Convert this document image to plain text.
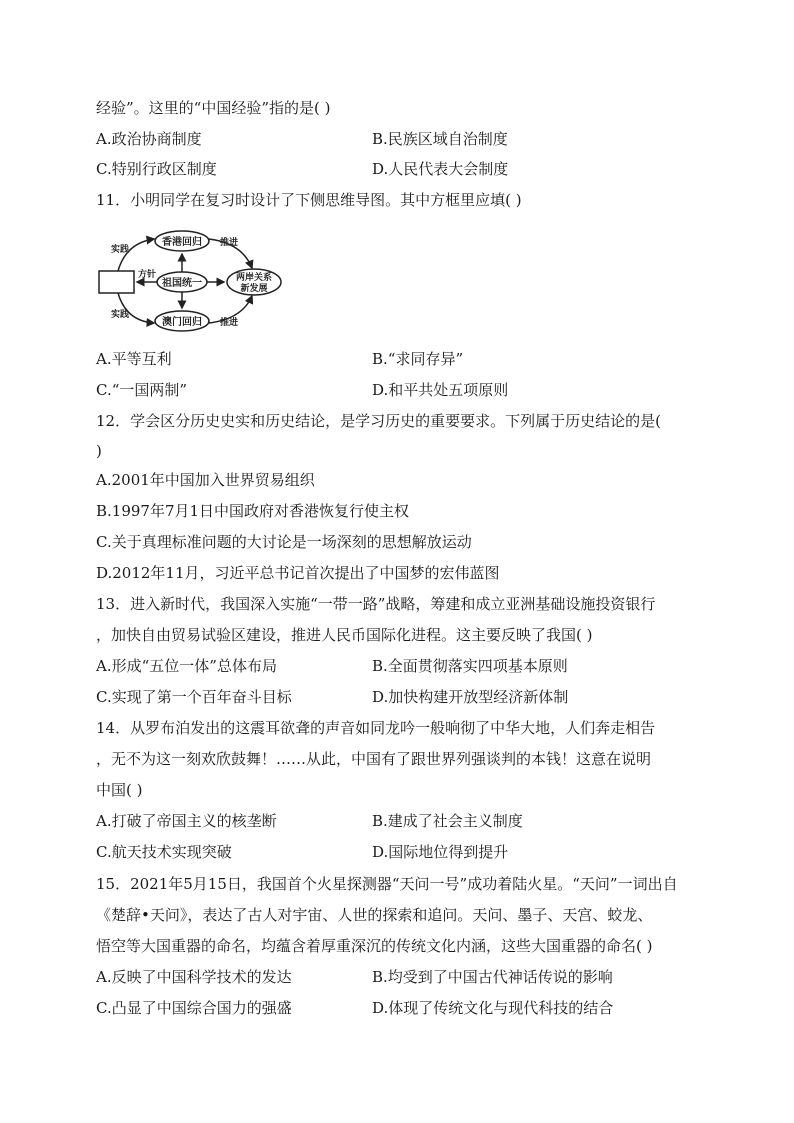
经验”。这里的“中国经验”指的是( )
A.政治协商制度	B.民族区域自治制度
C.特别行政区制度	D.人民代表大会制度
11．小明同学在复习时设计了下侧思维导图。其中方框里应填( )
香港回归
祖国统一
澳门回归
两岸关系
新发展
实践
实践
推进
推进
方针
A.平等互利	B.“求同存异”
C.“一国两制”	D.和平共处五项原则
12．学会区分历史史实和历史结论，是学习历史的重要要求。下列属于历史结论的是(
)
A.2001年中国加入世界贸易组织
B.1997年7月1日中国政府对香港恢复行使主权
C.关于真理标准问题的大讨论是一场深刻的思想解放运动
D.2012年11月，习近平总书记首次提出了中国梦的宏伟蓝图
13．进入新时代，我国深入实施“一带一路”战略，筹建和成立亚洲基础设施投资银行
，加快自由贸易试验区建设，推进人民币国际化进程。这主要反映了我国( )
A.形成“五位一体”总体布局	B.全面贯彻落实四项基本原则
C.实现了第一个百年奋斗目标	D.加快构建开放型经济新体制
14．从罗布泊发出的这震耳欲聋的声音如同龙吟一般响彻了中华大地，人们奔走相告
，无不为这一刻欢欣鼓舞！……从此，中国有了跟世界列强谈判的本钱！这意在说明
中国( )
A.打破了帝国主义的核垄断	B.建成了社会主义制度
C.航天技术实现突破	D.国际地位得到提升
15．2021年5月15日，我国首个火星探测器“天问一号”成功着陆火星。“天问”一词出自
《楚辞•天问》，表达了古人对宇宙、人世的探索和追问。天问、墨子、天宫、蛟龙、
悟空等大国重器的命名，均蕴含着厚重深沉的传统文化内涵，这些大国重器的命名( )
A.反映了中国科学技术的发达	B.均受到了中国古代神话传说的影响
C.凸显了中国综合国力的强盛	D.体现了传统文化与现代科技的结合
